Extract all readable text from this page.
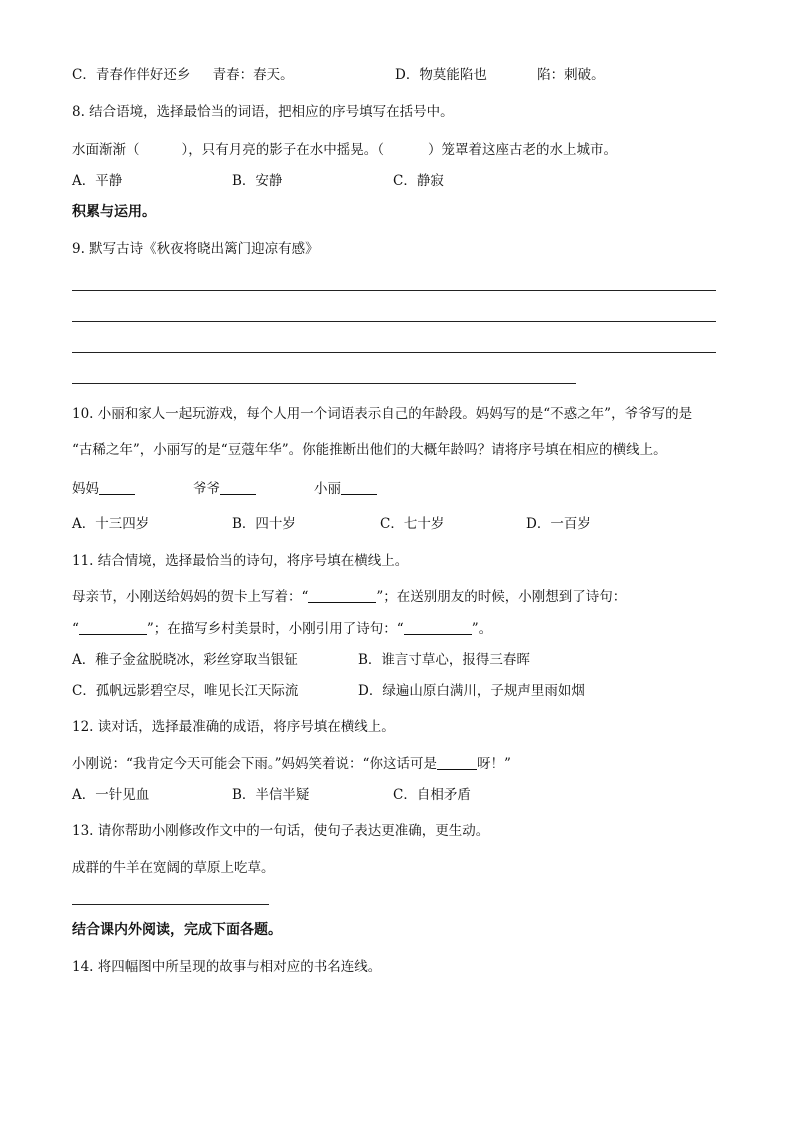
C．青春作伴好还乡 青春：春天。	D．物莫能陷也	陷：刺破。
8. 结合语境，选择最恰当的词语，把相应的序号填写在括号中。
水面渐渐（	），只有月亮的影子在水中摇晃。（	）笼罩着这座古老的水上城市。
A．平静	B．安静	C．静寂
积累与运用。
9. 默写古诗《秋夜将晓出篱门迎凉有感》
10. 小丽和家人一起玩游戏，每个人用一个词语表示自己的年龄段。妈妈写的是“不惑之年”，爷爷写的是
“古稀之年”，小丽写的是“豆蔻年华”。你能推断出他们的大概年龄吗？请将序号填在相应的横线上。
妈妈	爷爷	小丽
A．十三四岁	B．四十岁	C．七十岁	D．一百岁
11. 结合情境，选择最恰当的诗句，将序号填在横线上。
母亲节，小刚送给妈妈的贺卡上写着：“	”；在送别朋友的时候，小刚想到了诗句：
“	”；在描写乡村美景时，小刚引用了诗句：“	”。
A．稚子金盆脱晓冰，彩丝穿取当银钲	B．谁言寸草心，报得三春晖
C．孤帆远影碧空尽，唯见长江天际流	D．绿遍山原白满川，子规声里雨如烟
12. 读对话，选择最准确的成语，将序号填在横线上。
小刚说：“我肯定今天可能会下雨。”妈妈笑着说：“你这话可是	呀！”
A．一针见血	B．半信半疑	C．自相矛盾
13. 请你帮助小刚修改作文中的一句话，使句子表达更准确，更生动。
成群的牛羊在宽阔的草原上吃草。
结合课内外阅读，完成下面各题。
14. 将四幅图中所呈现的故事与相对应的书名连线。
